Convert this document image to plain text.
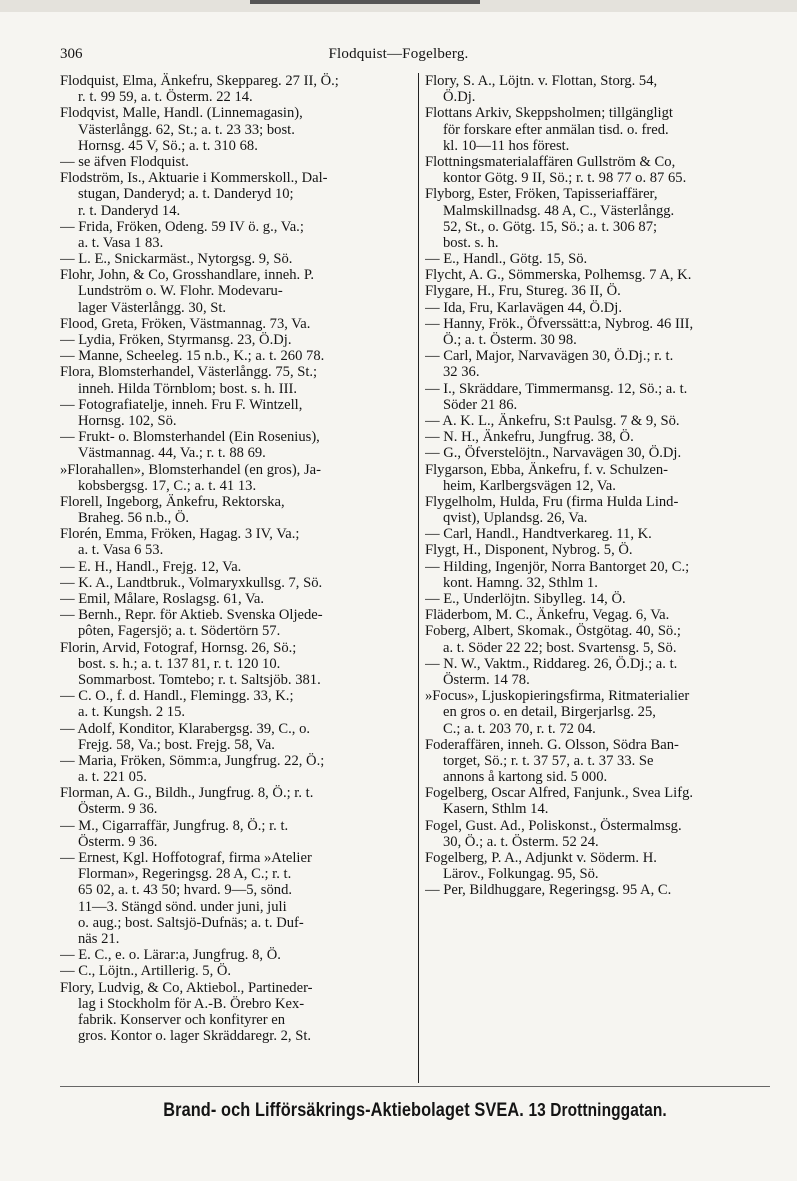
306	Flodquist—Fogelberg.
Flodquist, Elma, Änkefru, Skeppareg. 27 II, Ö.;
r. t. 99 59, a. t. Österm. 22 14.
Flodqvist, Malle, Handl. (Linnemagasin),
Västerlångg. 62, St.; a. t. 23 33; bost.
Hornsg. 45 V, Sö.; a. t. 310 68.
— se äfven Flodquist.
Flodström, Is., Aktuarie i Kommerskoll., Dal-
stugan, Danderyd; a. t. Danderyd 10;
r. t. Danderyd 14.
— Frida, Fröken, Odeng. 59 IV ö. g., Va.;
a. t. Vasa 1 83.
— L. E., Snickarmäst., Nytorgsg. 9, Sö.
Flohr, John, & Co, Grosshandlare, inneh. P.
Lundström o. W. Flohr. Modevaru-
lager Västerlångg. 30, St.
Flood, Greta, Fröken, Västmannag. 73, Va.
— Lydia, Fröken, Styrmansg. 23, Ö.Dj.
— Manne, Scheeleg. 15 n.b., K.; a. t. 260 78.
Flora, Blomsterhandel, Västerlångg. 75, St.;
inneh. Hilda Törnblom; bost. s. h. III.
— Fotografiatelje, inneh. Fru F. Wintzell,
Hornsg. 102, Sö.
— Frukt- o. Blomsterhandel (Ein Rosenius),
Västmannag. 44, Va.; r. t. 88 69.
»Florahallen», Blomsterhandel (en gros), Ja-
kobsbergsg. 17, C.; a. t. 41 13.
Florell, Ingeborg, Änkefru, Rektorska,
Braheg. 56 n.b., Ö.
Florén, Emma, Fröken, Hagag. 3 IV, Va.;
a. t. Vasa 6 53.
— E. H., Handl., Frejg. 12, Va.
— K. A., Landtbruk., Volmaryxkullsg. 7, Sö.
— Emil, Målare, Roslagsg. 61, Va.
— Bernh., Repr. för Aktieb. Svenska Oljede-
pôten, Fagersjö; a. t. Södertörn 57.
Florin, Arvid, Fotograf, Hornsg. 26, Sö.;
bost. s. h.; a. t. 137 81, r. t. 120 10.
Sommarbost. Tomtebo; r. t. Saltsjöb. 381.
— C. O., f. d. Handl., Flemingg. 33, K.;
a. t. Kungsh. 2 15.
— Adolf, Konditor, Klarabergsg. 39, C., o.
Frejg. 58, Va.; bost. Frejg. 58, Va.
— Maria, Fröken, Sömm:a, Jungfrug. 22, Ö.;
a. t. 221 05.
Florman, A. G., Bildh., Jungfrug. 8, Ö.; r. t.
Österm. 9 36.
— M., Cigarraffär, Jungfrug. 8, Ö.; r. t.
Österm. 9 36.
— Ernest, Kgl. Hoffotograf, firma »Atelier
Florman», Regeringsg. 28 A, C.; r. t.
65 02, a. t. 43 50; hvard. 9—5, sönd.
11—3. Stängd sönd. under juni, juli
o. aug.; bost. Saltsjö-Dufnäs; a. t. Duf-
näs 21.
— E. C., e. o. Lärar:a, Jungfrug. 8, Ö.
— C., Löjtn., Artillerig. 5, Ö.
Flory, Ludvig, & Co, Aktiebol., Partineder-
lag i Stockholm för A.-B. Örebro Kex-
fabrik. Konserver och konfityrer en
gros. Kontor o. lager Skräddaregr. 2, St.
Flory, S. A., Löjtn. v. Flottan, Storg. 54,
Ö.Dj.
Flottans Arkiv, Skeppsholmen; tillgängligt
för forskare efter anmälan tisd. o. fred.
kl. 10—11 hos förest.
Flottningsmaterialaffären Gullström & Co,
kontor Götg. 9 II, Sö.; r. t. 98 77 o. 87 65.
Flyborg, Ester, Fröken, Tapisseriaffärer,
Malmskillnadsg. 48 A, C., Västerlångg.
52, St., o. Götg. 15, Sö.; a. t. 306 87;
bost. s. h.
— E., Handl., Götg. 15, Sö.
Flycht, A. G., Sömmerska, Polhemsg. 7 A, K.
Flygare, H., Fru, Stureg. 36 II, Ö.
— Ida, Fru, Karlavägen 44, Ö.Dj.
— Hanny, Frök., Öfverssätt:a, Nybrog. 46 III,
Ö.; a. t. Österm. 30 98.
— Carl, Major, Narvavägen 30, Ö.Dj.; r. t.
32 36.
— I., Skräddare, Timmermansg. 12, Sö.; a. t.
Söder 21 86.
— A. K. L., Änkefru, S:t Paulsg. 7 & 9, Sö.
— N. H., Änkefru, Jungfrug. 38, Ö.
— G., Öfverstelöjtn., Narvavägen 30, Ö.Dj.
Flygarson, Ebba, Änkefru, f. v. Schulzen-
heim, Karlbergsvägen 12, Va.
Flygelholm, Hulda, Fru (firma Hulda Lind-
qvist), Uplandsg. 26, Va.
— Carl, Handl., Handtverkareg. 11, K.
Flygt, H., Disponent, Nybrog. 5, Ö.
— Hilding, Ingenjör, Norra Bantorget 20, C.;
kont. Hamng. 32, Sthlm 1.
— E., Underlöjtn. Sibylleg. 14, Ö.
Fläderbom, M. C., Änkefru, Vegag. 6, Va.
Foberg, Albert, Skomak., Östgötag. 40, Sö.;
a. t. Söder 22 22; bost. Svartensg. 5, Sö.
— N. W., Vaktm., Riddareg. 26, Ö.Dj.; a. t.
Österm. 14 78.
»Focus», Ljuskopieringsfirma, Ritmaterialier
en gros o. en detail, Birgerjarlsg. 25,
C.; a. t. 203 70, r. t. 72 04.
Foderaffären, inneh. G. Olsson, Södra Ban-
torget, Sö.; r. t. 37 57, a. t. 37 33. Se
annons å kartong sid. 5 000.
Fogelberg, Oscar Alfred, Fanjunk., Svea Lifg.
Kasern, Sthlm 14.
Fogel, Gust. Ad., Poliskonst., Östermalmsg.
30, Ö.; a. t. Österm. 52 24.
Fogelberg, P. A., Adjunkt v. Söderm. H.
Lärov., Folkungag. 95, Sö.
— Per, Bildhuggare, Regeringsg. 95 A, C.
Brand- och Lifförsäkrings-Aktiebolaget SVEA. 13 Drottninggatan.
